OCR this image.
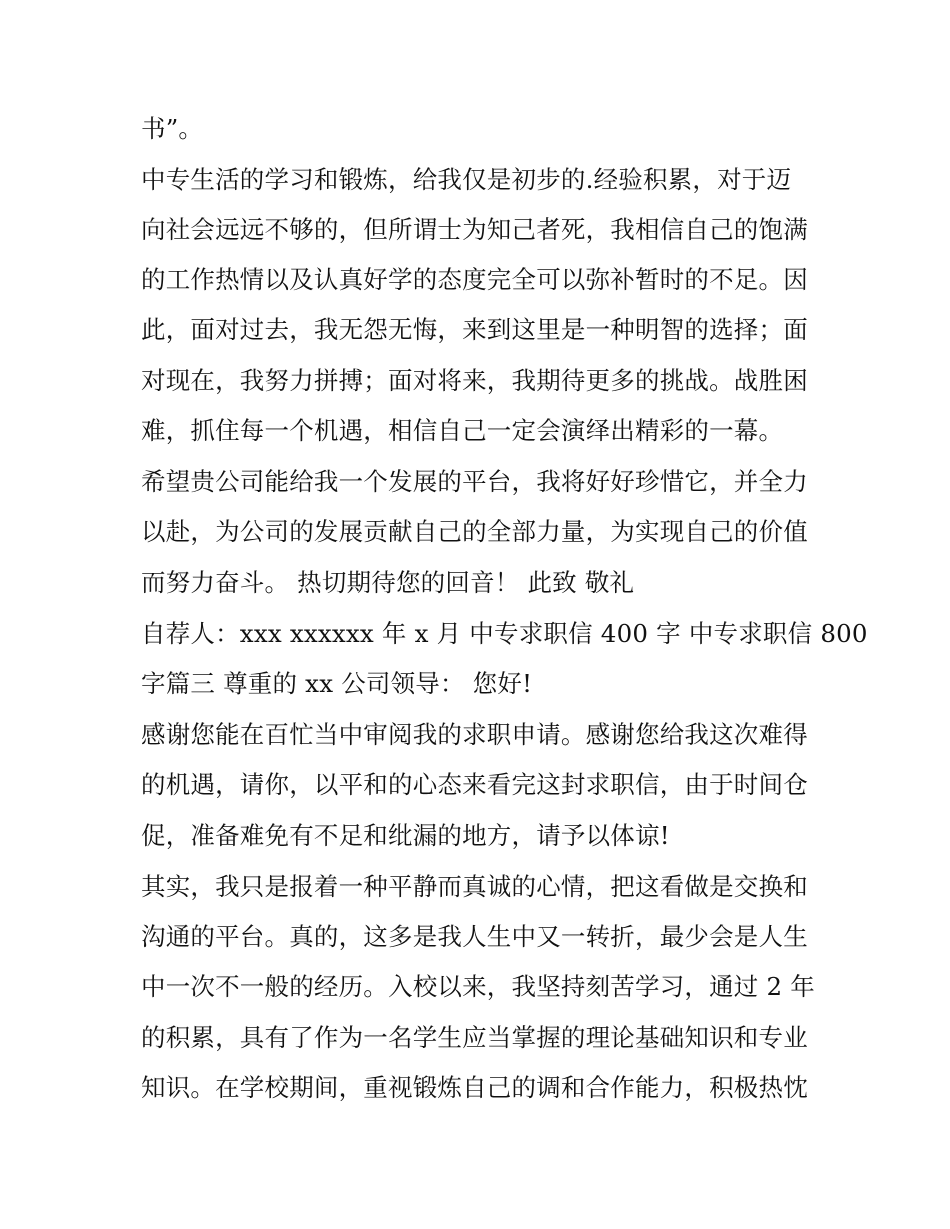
书”。
中专生活的学习和锻炼，给我仅是初步的.经验积累，对于迈
向社会远远不够的，但所谓士为知己者死，我相信自己的饱满
的工作热情以及认真好学的态度完全可以弥补暂时的不足。因
此，面对过去，我无怨无悔，来到这里是一种明智的选择；面
对现在，我努力拼搏；面对将来，我期待更多的挑战。战胜困
难，抓住每一个机遇，相信自己一定会演绎出精彩的一幕。
希望贵公司能给我一个发展的平台，我将好好珍惜它，并全力
以赴，为公司的发展贡献自己的全部力量，为实现自己的价值
而努力奋斗。 热切期待您的回音！ 此致 敬礼
自荐人：xxx xxxxxx 年 x 月 中专求职信 400 字 中专求职信 800
字篇三 尊重的 xx 公司领导： 您好!
感谢您能在百忙当中审阅我的求职申请。感谢您给我这次难得
的机遇，请你，以平和的心态来看完这封求职信，由于时间仓
促，准备难免有不足和纰漏的地方，请予以体谅!
其实，我只是报着一种平静而真诚的心情，把这看做是交换和
沟通的平台。真的，这多是我人生中又一转折，最少会是人生
中一次不一般的经历。入校以来，我坚持刻苦学习，通过 2 年
的积累，具有了作为一名学生应当掌握的理论基础知识和专业
知识。在学校期间，重视锻炼自己的调和合作能力，积极热忱
